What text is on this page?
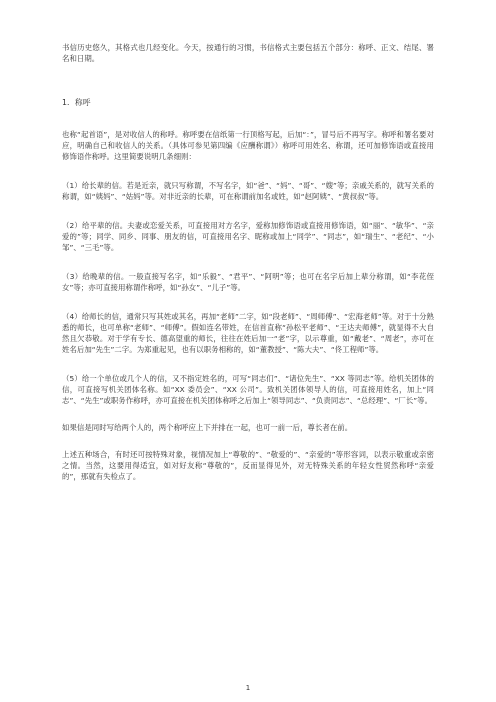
书信历史悠久，其格式也几经变化。今天，按通行的习惯，书信格式主要包括五个部分：称呼、正文、结尾、署名和日期。

1．称呼

也称“起首语”，是对收信人的称呼。称呼要在信纸第一行顶格写起，后加“：”，冒号后不再写字。称呼和署名要对应，明确自己和收信人的关系。（具体可参见第四编《应酬称谓》）称呼可用姓名、称谓，还可加修饰语或直接用修饰语作称呼。这里简要说明几条细则：

（1）给长辈的信。若是近亲，就只写称谓，不写名字，如“爸”、“妈”、“哥”、“嫂”等；亲戚关系的，就写关系的称谓，如“姨妈”、“姑妈”等。对非近亲的长辈，可在称谓前加名或姓，如“赵阿姨”、“黄叔叔”等。

（2）给平辈的信。夫妻或恋爱关系，可直接用对方名字，爱称加修饰语或直接用修饰语，如“丽”、“敏华”、“亲爱的”等；同学、同乡、同事、朋友的信，可直接用名字、昵称或加上“同学”、“同志”，如“瑞生”、“老纪”、“小邹”、“三毛”等。

（3）给晚辈的信。一般直接写名字，如“乐毅”、“君平”、“阿明”等；也可在名字后加上辈分称谓，如“李花侄女”等；亦可直接用称谓作称呼，如“孙女”、“儿子”等。

（4）给师长的信，通常只写其姓或其名，再加“老师”二字，如“段老师”、“周师傅”、“宏海老师”等。对于十分熟悉的师长，也可单称“老师”、“师傅”。假如连名带姓，在信首直称“孙松平老师”、“王达夫师傅”，就显得不大自然且欠恭敬。对于学有专长、德高望重的师长，往往在姓后加一“老”字，以示尊重，如“戴老”、“周老”，亦可在姓名后加“先生”二字。为郑重起见，也有以职务相称的，如“董教授”、“陈大夫”、“佟工程师”等。

（5）给一个单位或几个人的信，又不指定姓名的，可写“同志们”、“诸位先生”、“XX 等同志”等。给机关团体的信，可直接写机关团体名称。如“XX 委员会”、“XX 公司”。致机关团体领导人的信，可直接用姓名，加上“同志”、“先生”或职务作称呼，亦可直接在机关团体称呼之后加上“领导同志”、“负责同志”、“总经理”、“厂长”等。

如果信是同时写给两个人的，两个称呼应上下并排在一起，也可一前一后，尊长者在前。

上述五种场合，有时还可按特殊对象，视情况加上“尊敬的”、“敬爱的”、“亲爱的”等形容词，以表示敬重或亲密之情。当然，这要用得适宜，如对好友称“尊敬的”，反而显得见外，对无特殊关系的年轻女性贸然称呼“亲爱的”，那就有失检点了。

1
